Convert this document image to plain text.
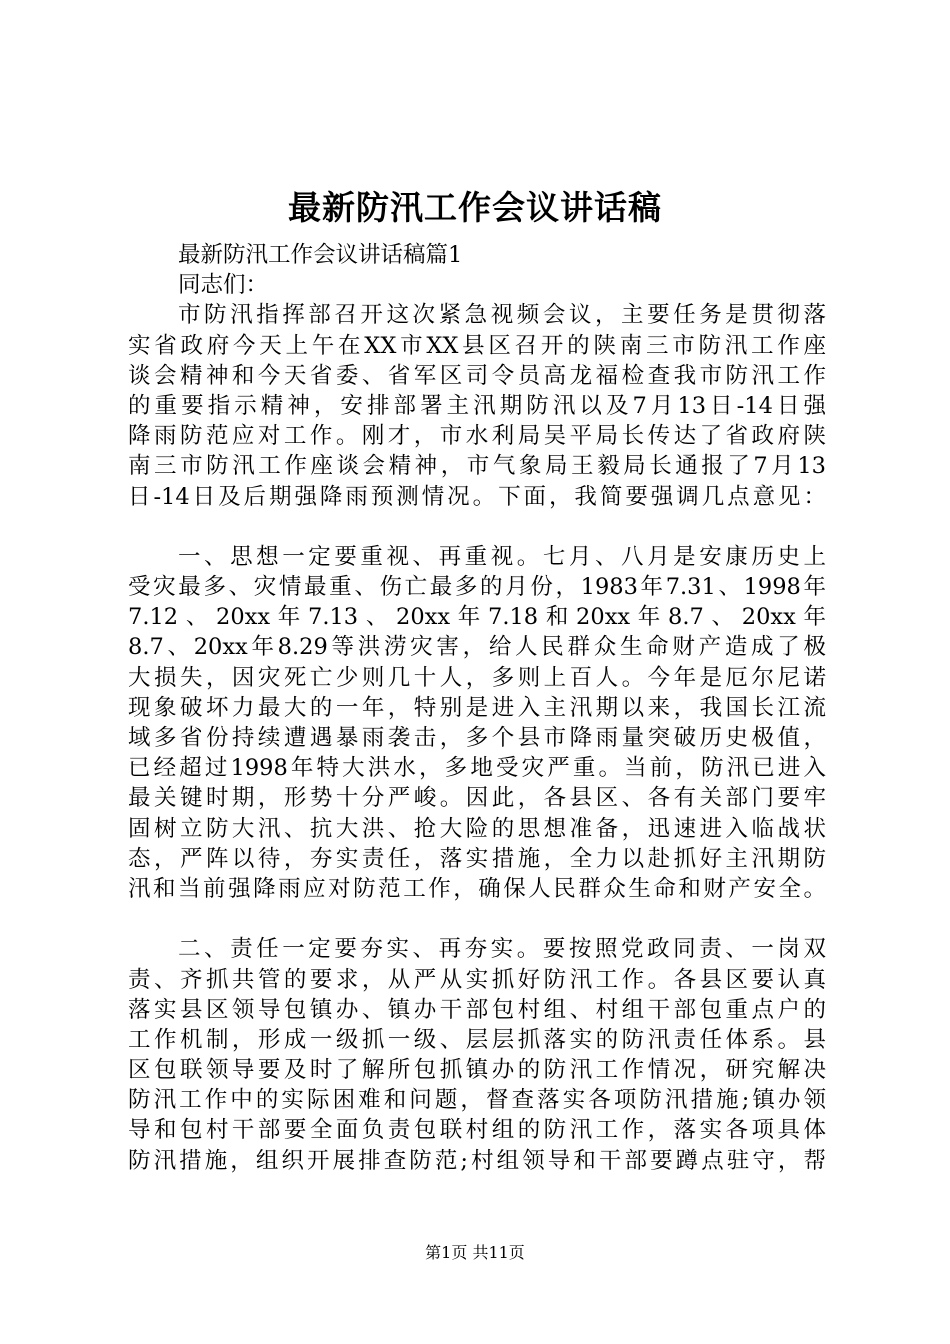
最新防汛工作会议讲话稿
最新防汛工作会议讲话稿篇1
同志们：
市防汛指挥部召开这次紧急视频会议，主要任务是贯彻落
实省政府今天上午在XX市XX县区召开的陕南三市防汛工作座
谈会精神和今天省委、省军区司令员高龙福检查我市防汛工作
的重要指示精神，安排部署主汛期防汛以及7月13日-14日强
降雨防范应对工作。刚才，市水利局吴平局长传达了省政府陕
南三市防汛工作座谈会精神，市气象局王毅局长通报了7月13
日-14日及后期强降雨预测情况。下面，我简要强调几点意见：
一、思想一定要重视、再重视。七月、八月是安康历史上
受灾最多、灾情最重、伤亡最多的月份，1983年7.31、1998年
7.12、20xx年7.13、20xx年7.18和20xx年8.7、20xx年
8.7、20xx年8.29等洪涝灾害，给人民群众生命财产造成了极
大损失，因灾死亡少则几十人，多则上百人。今年是厄尔尼诺
现象破坏力最大的一年，特别是进入主汛期以来，我国长江流
域多省份持续遭遇暴雨袭击，多个县市降雨量突破历史极值，
已经超过1998年特大洪水，多地受灾严重。当前，防汛已进入
最关键时期，形势十分严峻。因此，各县区、各有关部门要牢
固树立防大汛、抗大洪、抢大险的思想准备，迅速进入临战状
态，严阵以待，夯实责任，落实措施，全力以赴抓好主汛期防
汛和当前强降雨应对防范工作，确保人民群众生命和财产安全。
二、责任一定要夯实、再夯实。要按照党政同责、一岗双
责、齐抓共管的要求，从严从实抓好防汛工作。各县区要认真
落实县区领导包镇办、镇办干部包村组、村组干部包重点户的
工作机制，形成一级抓一级、层层抓落实的防汛责任体系。县
区包联领导要及时了解所包抓镇办的防汛工作情况，研究解决
防汛工作中的实际困难和问题，督查落实各项防汛措施;镇办领
导和包村干部要全面负责包联村组的防汛工作，落实各项具体
防汛措施，组织开展排查防范;村组领导和干部要蹲点驻守，帮
第1页 共11页
